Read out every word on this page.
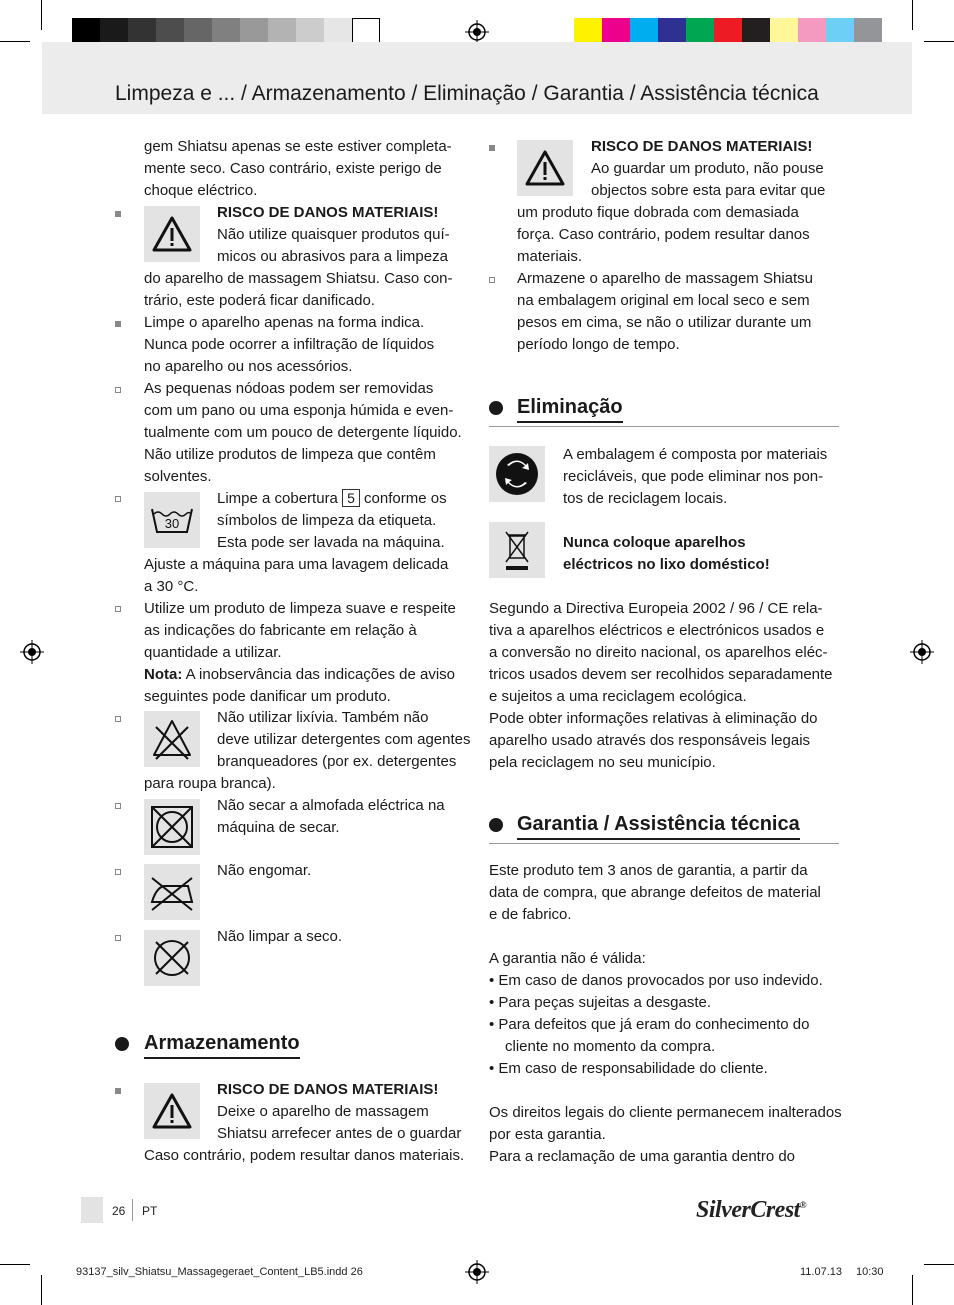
Limpeza e ... / Armazenamento / Eliminação / Garantia / Assistência técnica
gem Shiatsu apenas se este estiver completa-
mente seco. Caso contrário, existe perigo de
choque eléctrico.
RISCO DE DANOS MATERIAIS!
Não utilize quaisquer produtos quí-
micos ou abrasivos para a limpeza
do aparelho de massagem Shiatsu. Caso con-
trário, este poderá ficar danificado.
Limpe o aparelho apenas na forma indica.
Nunca pode ocorrer a infiltração de líquidos
no aparelho ou nos acessórios.
As pequenas nódoas podem ser removidas
com um pano ou uma esponja húmida e even-
tualmente com um pouco de detergente líquido.
Não utilize produtos de limpeza que contêm
solventes.
30
Limpe a cobertura 5 conforme os
símbolos de limpeza da etiqueta.
Esta pode ser lavada na máquina.
Ajuste a máquina para uma lavagem delicada
a 30 °C.
Utilize um produto de limpeza suave e respeite
as indicações do fabricante em relação à
quantidade a utilizar.
Nota: A inobservância das indicações de aviso
seguintes pode danificar um produto.
Não utilizar lixívia. Também não
deve utilizar detergentes com agentes
branqueadores (por ex. detergentes
para roupa branca).
Não secar a almofada eléctrica na
máquina de secar.
Não engomar.
Não limpar a seco.
Armazenamento
RISCO DE DANOS MATERIAIS!
Deixe o aparelho de massagem
Shiatsu arrefecer antes de o guardar
Caso contrário, podem resultar danos materiais.
RISCO DE DANOS MATERIAIS!
Ao guardar um produto, não pouse
objectos sobre esta para evitar que
um produto fique dobrada com demasiada
força. Caso contrário, podem resultar danos
materiais.
Armazene o aparelho de massagem Shiatsu
na embalagem original em local seco e sem
pesos em cima, se não o utilizar durante um
período longo de tempo.
Eliminação
A embalagem é composta por materiais
recicláveis, que pode eliminar nos pon-
tos de reciclagem locais.
Nunca coloque aparelhos
eléctricos no lixo doméstico!
Segundo a Directiva Europeia 2002 / 96 / CE rela-
tiva a aparelhos eléctricos e electrónicos usados e
a conversão no direito nacional, os aparelhos eléc-
tricos usados devem ser recolhidos separadamente
e sujeitos a uma reciclagem ecológica.
Pode obter informações relativas à eliminação do
aparelho usado através dos responsáveis legais
pela reciclagem no seu município.
Garantia / Assistência técnica
Este produto tem 3 anos de garantia, a partir da
data de compra, que abrange defeitos de material
e de fabrico.
A garantia não é válida:
• Em caso de danos provocados por uso indevido.
• Para peças sujeitas a desgaste.
• Para defeitos que já eram do conhecimento do
cliente no momento da compra.
• Em caso de responsabilidade do cliente.
Os direitos legais do cliente permanecem inalterados
por esta garantia.
Para a reclamação de uma garantia dentro do
26 PT	SilverCrest®
93137_silv_Shiatsu_Massagegeraet_Content_LB5.indd 26	11.07.13 10:30
